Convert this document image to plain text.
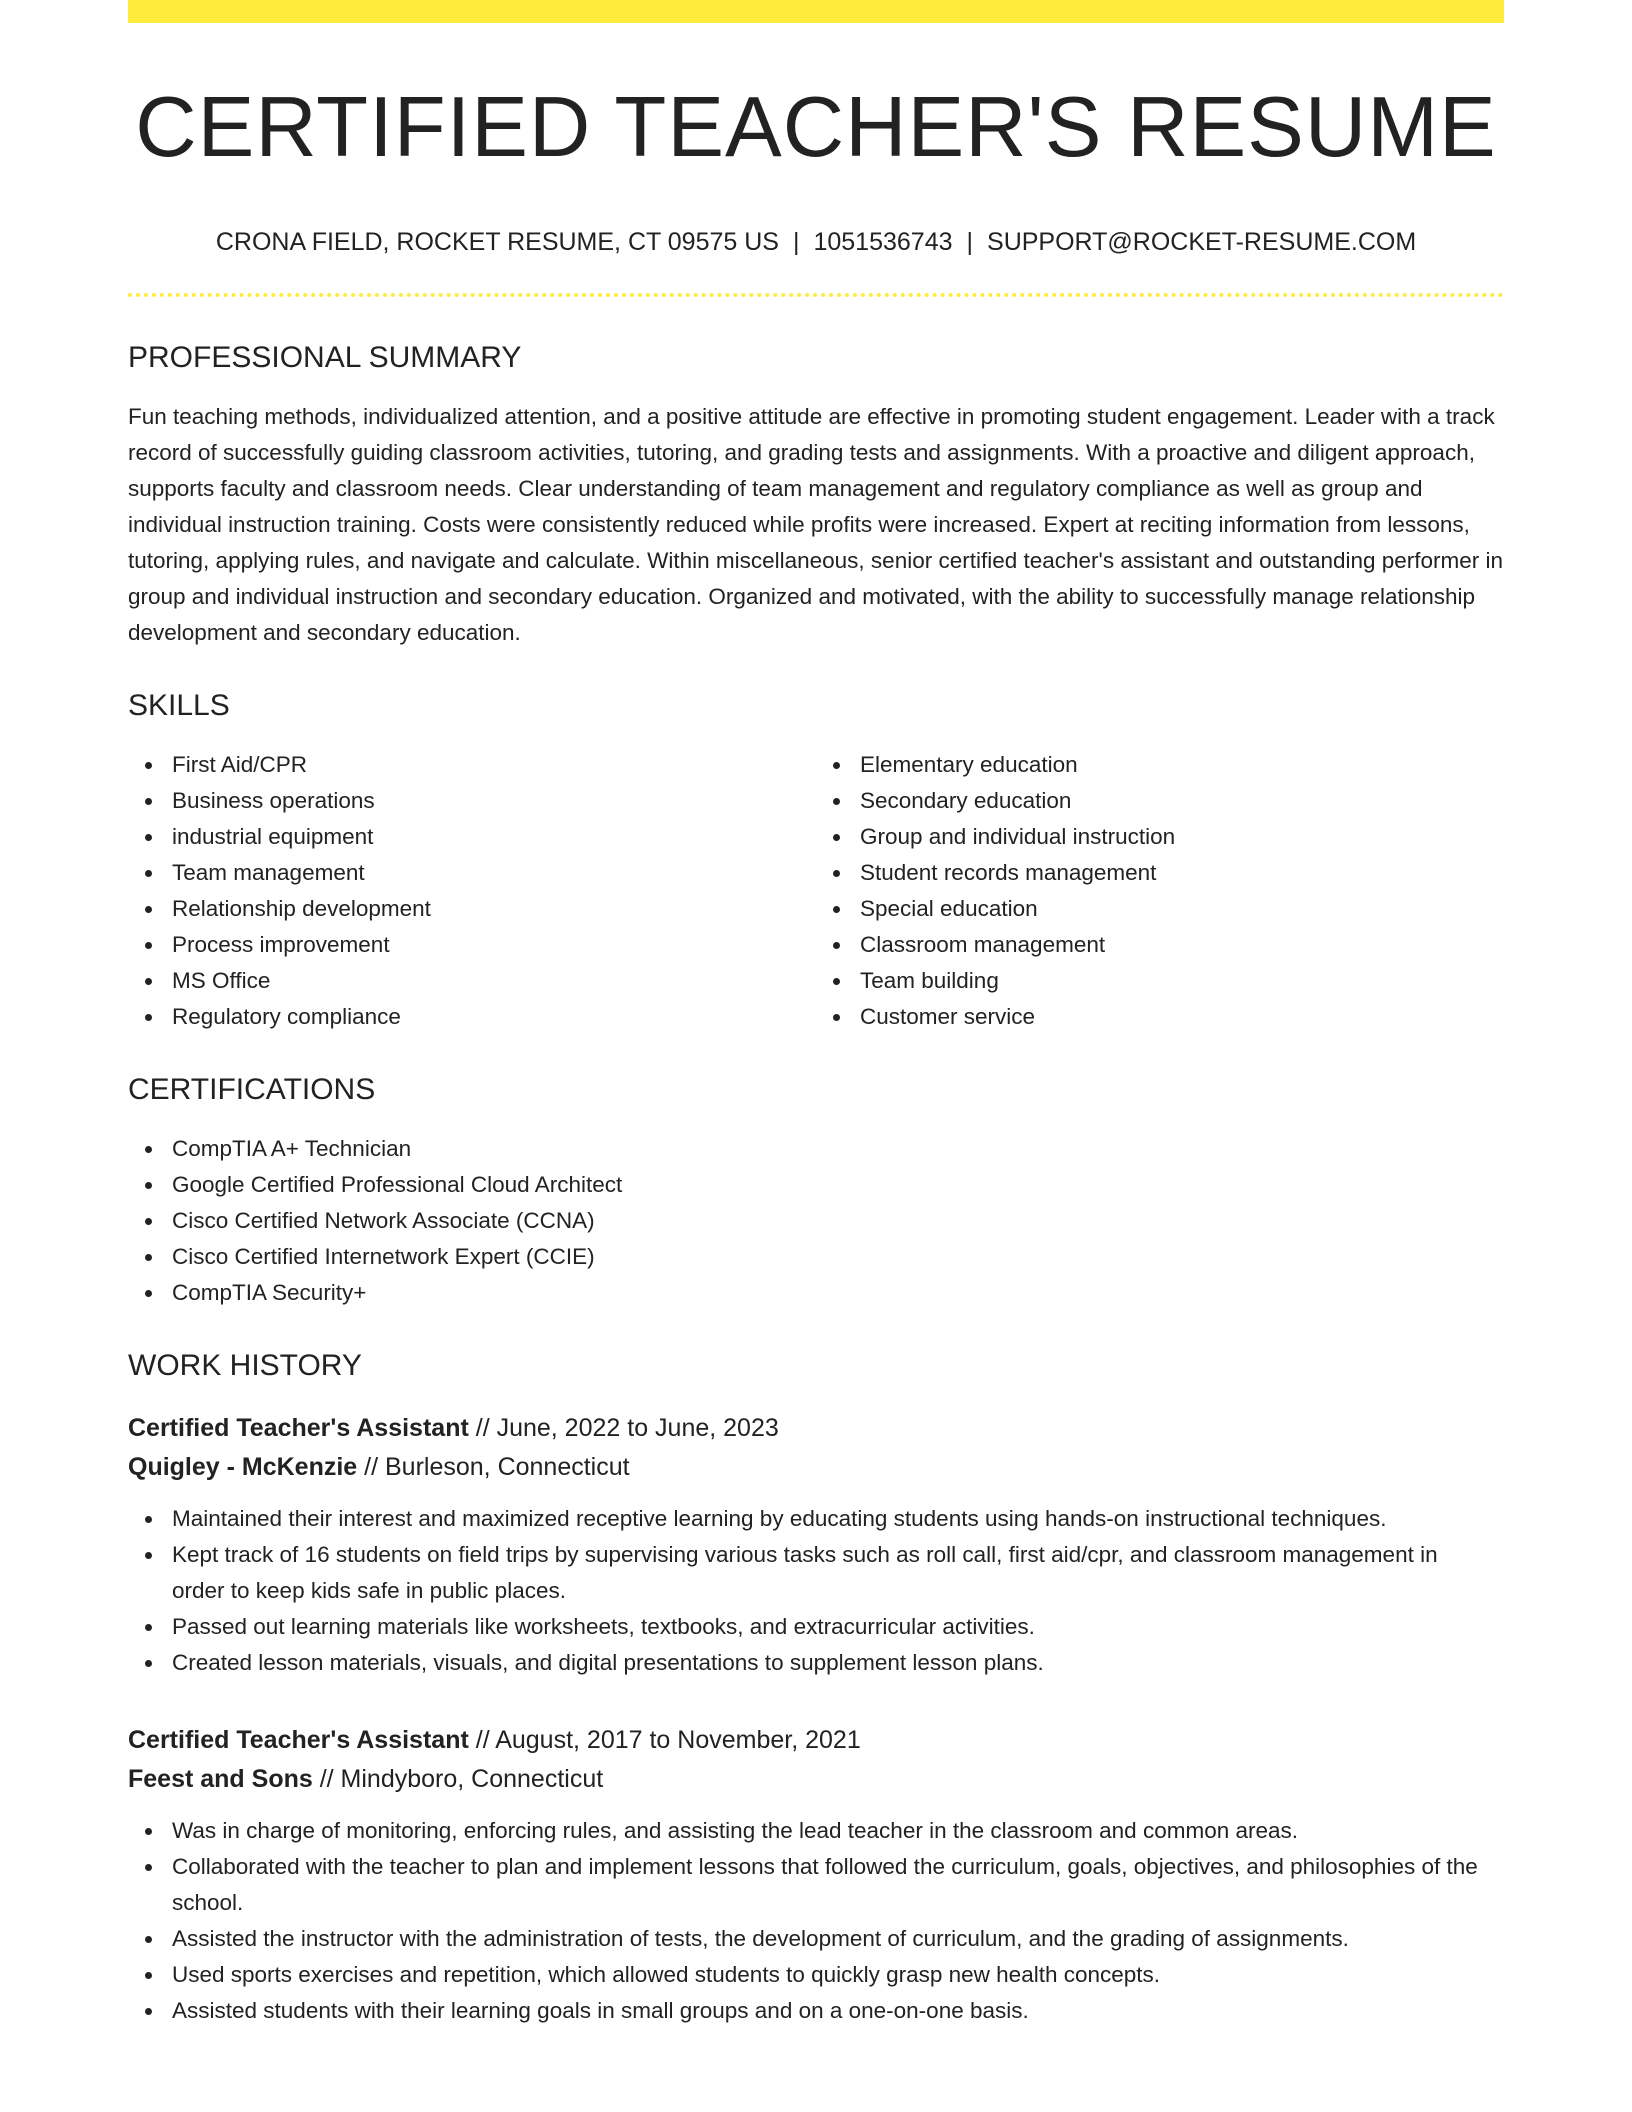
CERTIFIED TEACHER'S RESUME
CRONA FIELD, ROCKET RESUME, CT 09575 US | 1051536743 | SUPPORT@ROCKET-RESUME.COM
PROFESSIONAL SUMMARY

Fun teaching methods, individualized attention, and a positive attitude are effective in promoting student engagement. Leader with a track record of successfully guiding classroom activities, tutoring, and grading tests and assignments. With a proactive and diligent approach, supports faculty and classroom needs. Clear understanding of team management and regulatory compliance as well as group and individual instruction training. Costs were consistently reduced while profits were increased. Expert at reciting information from lessons, tutoring, applying rules, and navigate and calculate. Within miscellaneous, senior certified teacher's assistant and outstanding performer in group and individual instruction and secondary education. Organized and motivated, with the ability to successfully manage relationship development and secondary education.

SKILLS
First Aid/CPR
Business operations
industrial equipment
Team management
Relationship development
Process improvement
MS Office
Regulatory compliance
Elementary education
Secondary education
Group and individual instruction
Student records management
Special education
Classroom management
Team building
Customer service
CERTIFICATIONS
CompTIA A+ Technician
Google Certified Professional Cloud Architect
Cisco Certified Network Associate (CCNA)
Cisco Certified Internetwork Expert (CCIE)
CompTIA Security+
WORK HISTORY
Certified Teacher's Assistant // June, 2022 to June, 2023
Quigley - McKenzie // Burleson, Connecticut
Maintained their interest and maximized receptive learning by educating students using hands-on instructional techniques.
Kept track of 16 students on field trips by supervising various tasks such as roll call, first aid/cpr, and classroom management in order to keep kids safe in public places.
Passed out learning materials like worksheets, textbooks, and extracurricular activities.
Created lesson materials, visuals, and digital presentations to supplement lesson plans.
Certified Teacher's Assistant // August, 2017 to November, 2021
Feest and Sons // Mindyboro, Connecticut
Was in charge of monitoring, enforcing rules, and assisting the lead teacher in the classroom and common areas.
Collaborated with the teacher to plan and implement lessons that followed the curriculum, goals, objectives, and philosophies of the school.
Assisted the instructor with the administration of tests, the development of curriculum, and the grading of assignments.
Used sports exercises and repetition, which allowed students to quickly grasp new health concepts.
Assisted students with their learning goals in small groups and on a one-on-one basis.
